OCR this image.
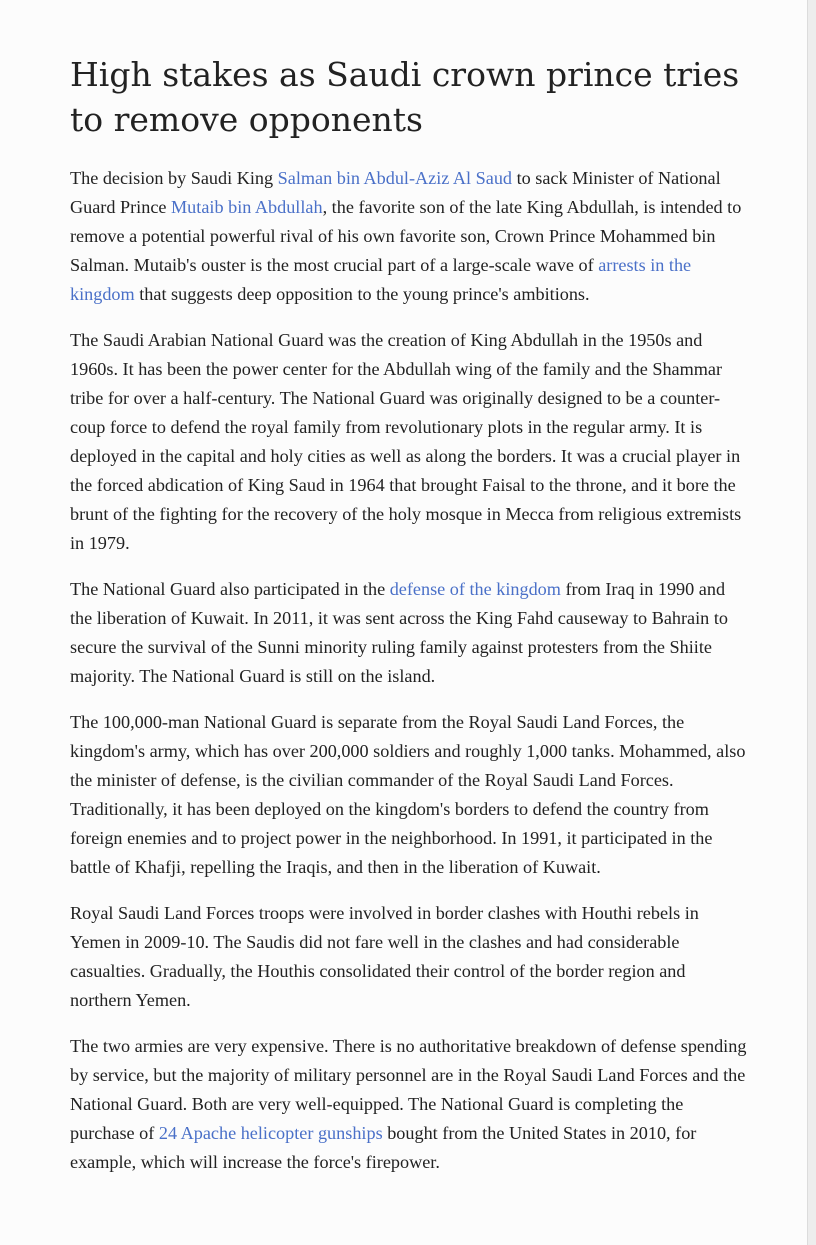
High stakes as Saudi crown prince tries to remove opponents

The decision by Saudi King Salman bin Abdul-Aziz Al Saud to sack Minister of National Guard Prince Mutaib bin Abdullah, the favorite son of the late King Abdullah, is intended to remove a potential powerful rival of his own favorite son, Crown Prince Mohammed bin Salman. Mutaib's ouster is the most crucial part of a large-scale wave of arrests in the kingdom that suggests deep opposition to the young prince's ambitions.

The Saudi Arabian National Guard was the creation of King Abdullah in the 1950s and 1960s. It has been the power center for the Abdullah wing of the family and the Shammar tribe for over a half-century. The National Guard was originally designed to be a counter-coup force to defend the royal family from revolutionary plots in the regular army. It is deployed in the capital and holy cities as well as along the borders. It was a crucial player in the forced abdication of King Saud in 1964 that brought Faisal to the throne, and it bore the brunt of the fighting for the recovery of the holy mosque in Mecca from religious extremists in 1979.

The National Guard also participated in the defense of the kingdom from Iraq in 1990 and the liberation of Kuwait. In 2011, it was sent across the King Fahd causeway to Bahrain to secure the survival of the Sunni minority ruling family against protesters from the Shiite majority. The National Guard is still on the island.

The 100,000-man National Guard is separate from the Royal Saudi Land Forces, the kingdom's army, which has over 200,000 soldiers and roughly 1,000 tanks. Mohammed, also the minister of defense, is the civilian commander of the Royal Saudi Land Forces. Traditionally, it has been deployed on the kingdom's borders to defend the country from foreign enemies and to project power in the neighborhood. In 1991, it participated in the battle of Khafji, repelling the Iraqis, and then in the liberation of Kuwait.

Royal Saudi Land Forces troops were involved in border clashes with Houthi rebels in Yemen in 2009-10. The Saudis did not fare well in the clashes and had considerable casualties. Gradually, the Houthis consolidated their control of the border region and northern Yemen.

The two armies are very expensive. There is no authoritative breakdown of defense spending by service, but the majority of military personnel are in the Royal Saudi Land Forces and the National Guard. Both are very well-equipped. The National Guard is completing the purchase of 24 Apache helicopter gunships bought from the United States in 2010, for example, which will increase the force's firepower.
